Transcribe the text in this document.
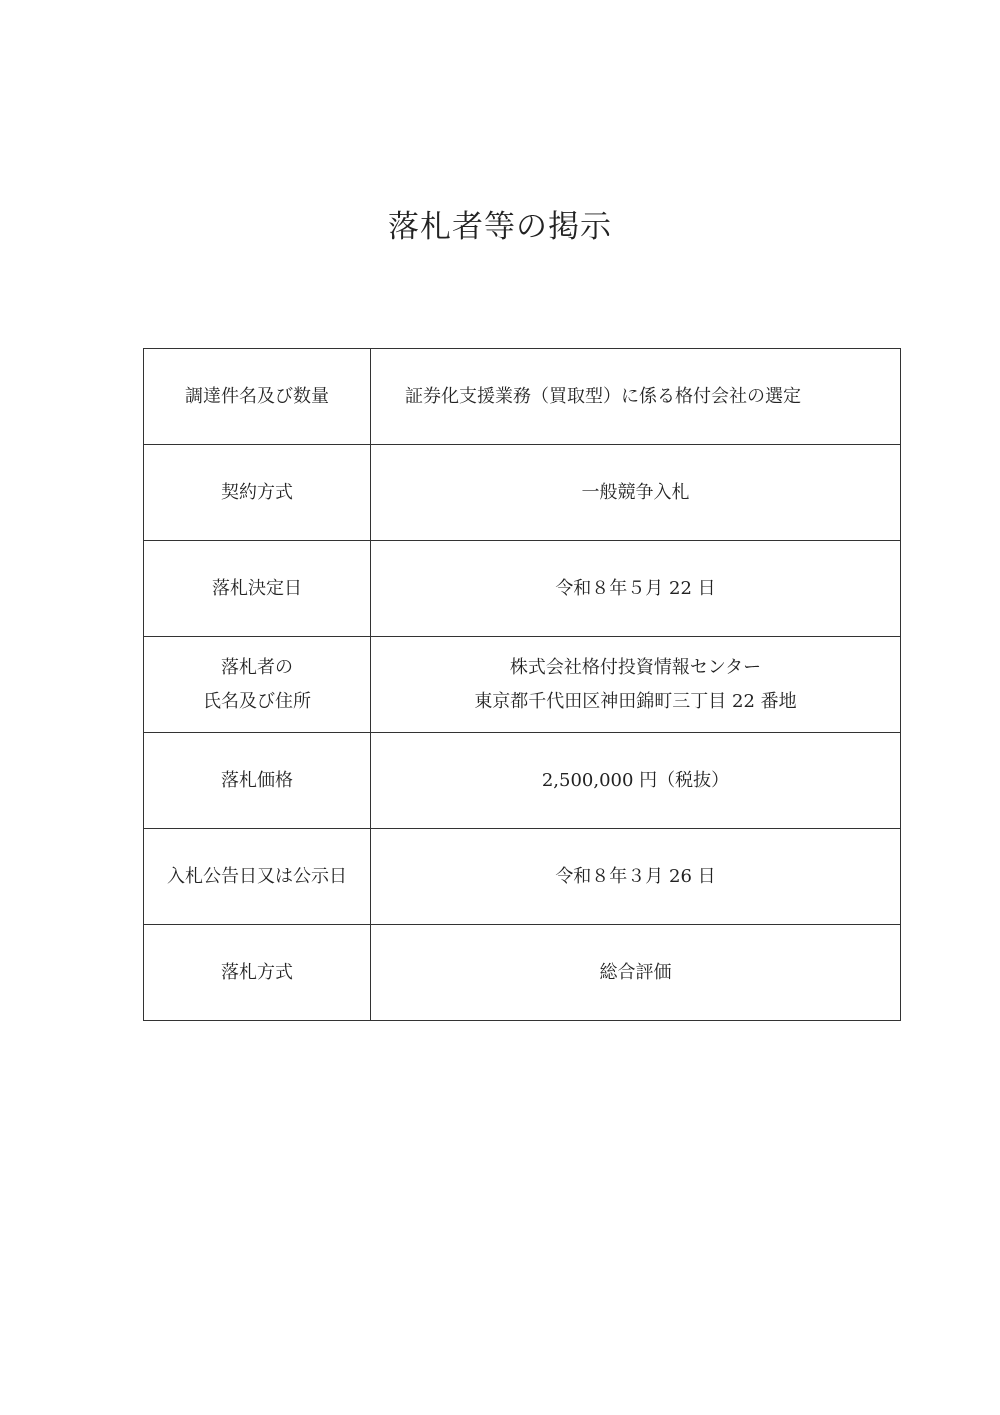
落札者等の掲示
調達件名及び数量	証券化支援業務（買取型）に係る格付会社の選定

契約方式	一般競争入札

落札決定日	令和８年５月 22 日

落札者の
氏名及び住所	株式会社格付投資情報センター
東京都千代田区神田錦町三丁目 22 番地

落札価格	2,500,000 円（税抜）

入札公告日又は公示日	令和８年３月 26 日

落札方式	総合評価
